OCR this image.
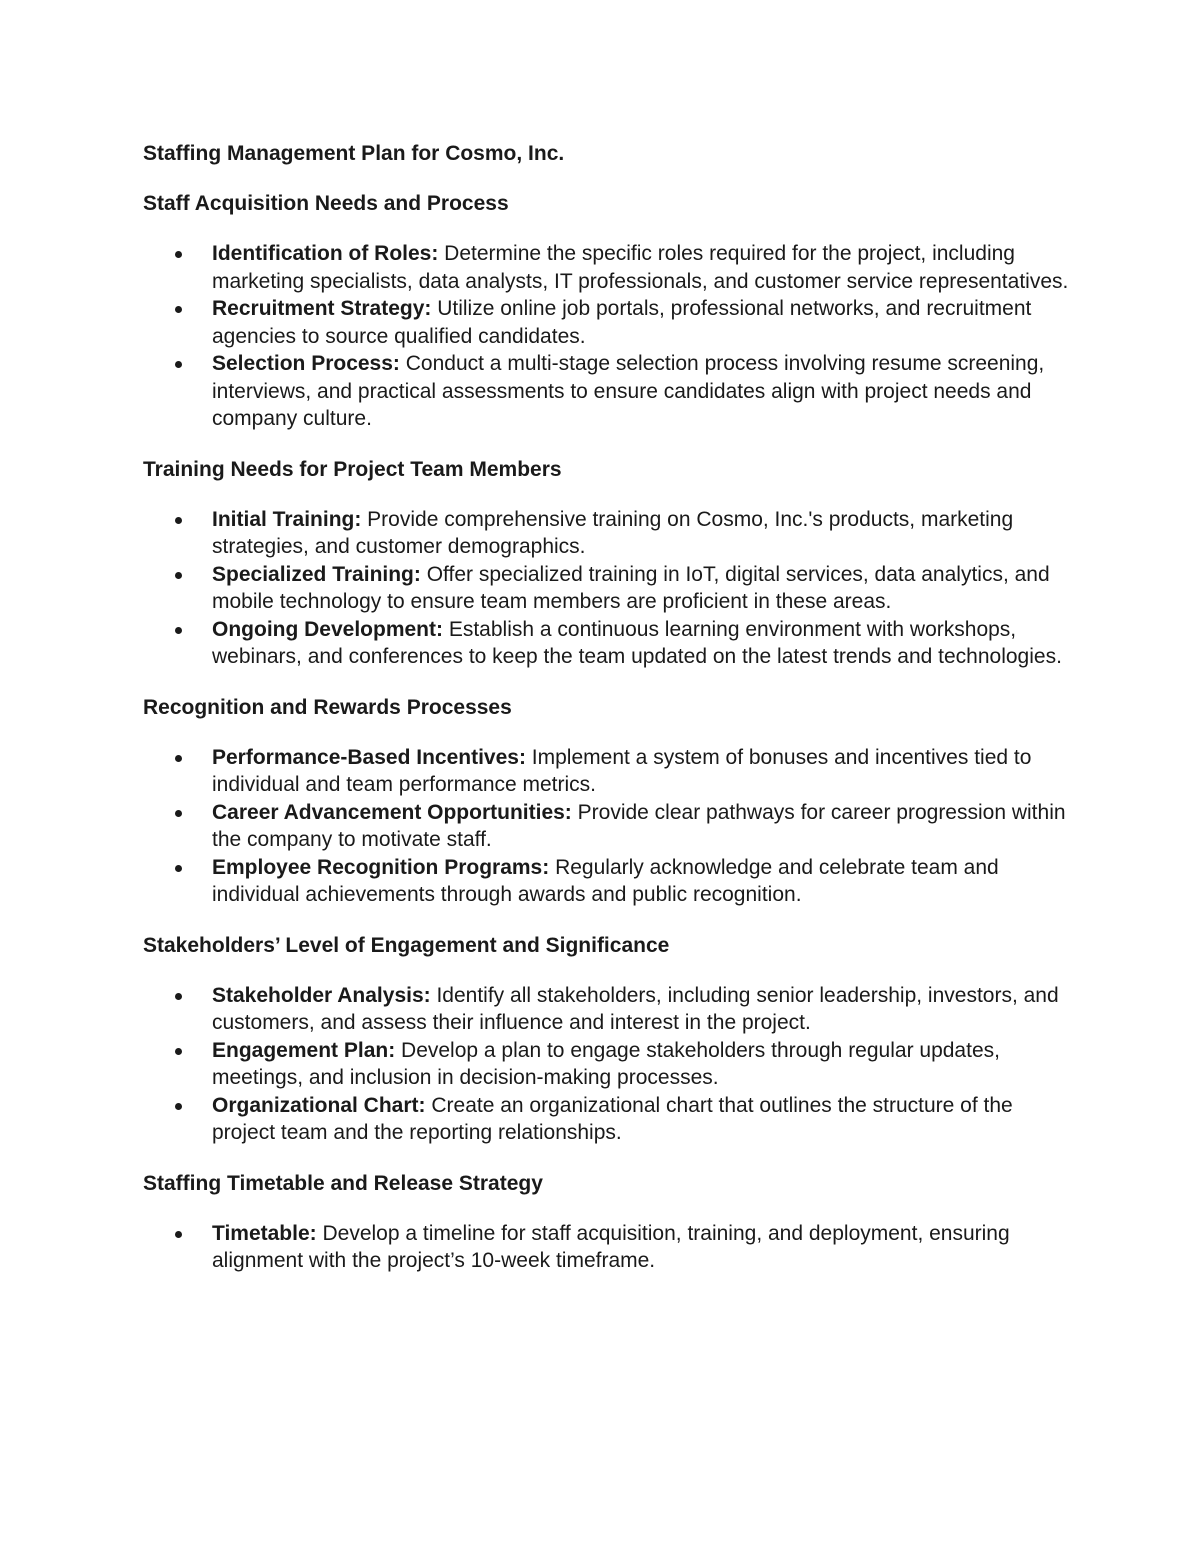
Staffing Management Plan for Cosmo, Inc.
Staff Acquisition Needs and Process
Identification of Roles: Determine the specific roles required for the project, including marketing specialists, data analysts, IT professionals, and customer service representatives.
Recruitment Strategy: Utilize online job portals, professional networks, and recruitment agencies to source qualified candidates.
Selection Process: Conduct a multi-stage selection process involving resume screening, interviews, and practical assessments to ensure candidates align with project needs and company culture.
Training Needs for Project Team Members
Initial Training: Provide comprehensive training on Cosmo, Inc.'s products, marketing strategies, and customer demographics.
Specialized Training: Offer specialized training in IoT, digital services, data analytics, and mobile technology to ensure team members are proficient in these areas.
Ongoing Development: Establish a continuous learning environment with workshops, webinars, and conferences to keep the team updated on the latest trends and technologies.
Recognition and Rewards Processes
Performance-Based Incentives: Implement a system of bonuses and incentives tied to individual and team performance metrics.
Career Advancement Opportunities: Provide clear pathways for career progression within the company to motivate staff.
Employee Recognition Programs: Regularly acknowledge and celebrate team and individual achievements through awards and public recognition.
Stakeholders’ Level of Engagement and Significance
Stakeholder Analysis: Identify all stakeholders, including senior leadership, investors, and customers, and assess their influence and interest in the project.
Engagement Plan: Develop a plan to engage stakeholders through regular updates, meetings, and inclusion in decision-making processes.
Organizational Chart: Create an organizational chart that outlines the structure of the project team and the reporting relationships.
Staffing Timetable and Release Strategy
Timetable: Develop a timeline for staff acquisition, training, and deployment, ensuring alignment with the project’s 10-week timeframe.
